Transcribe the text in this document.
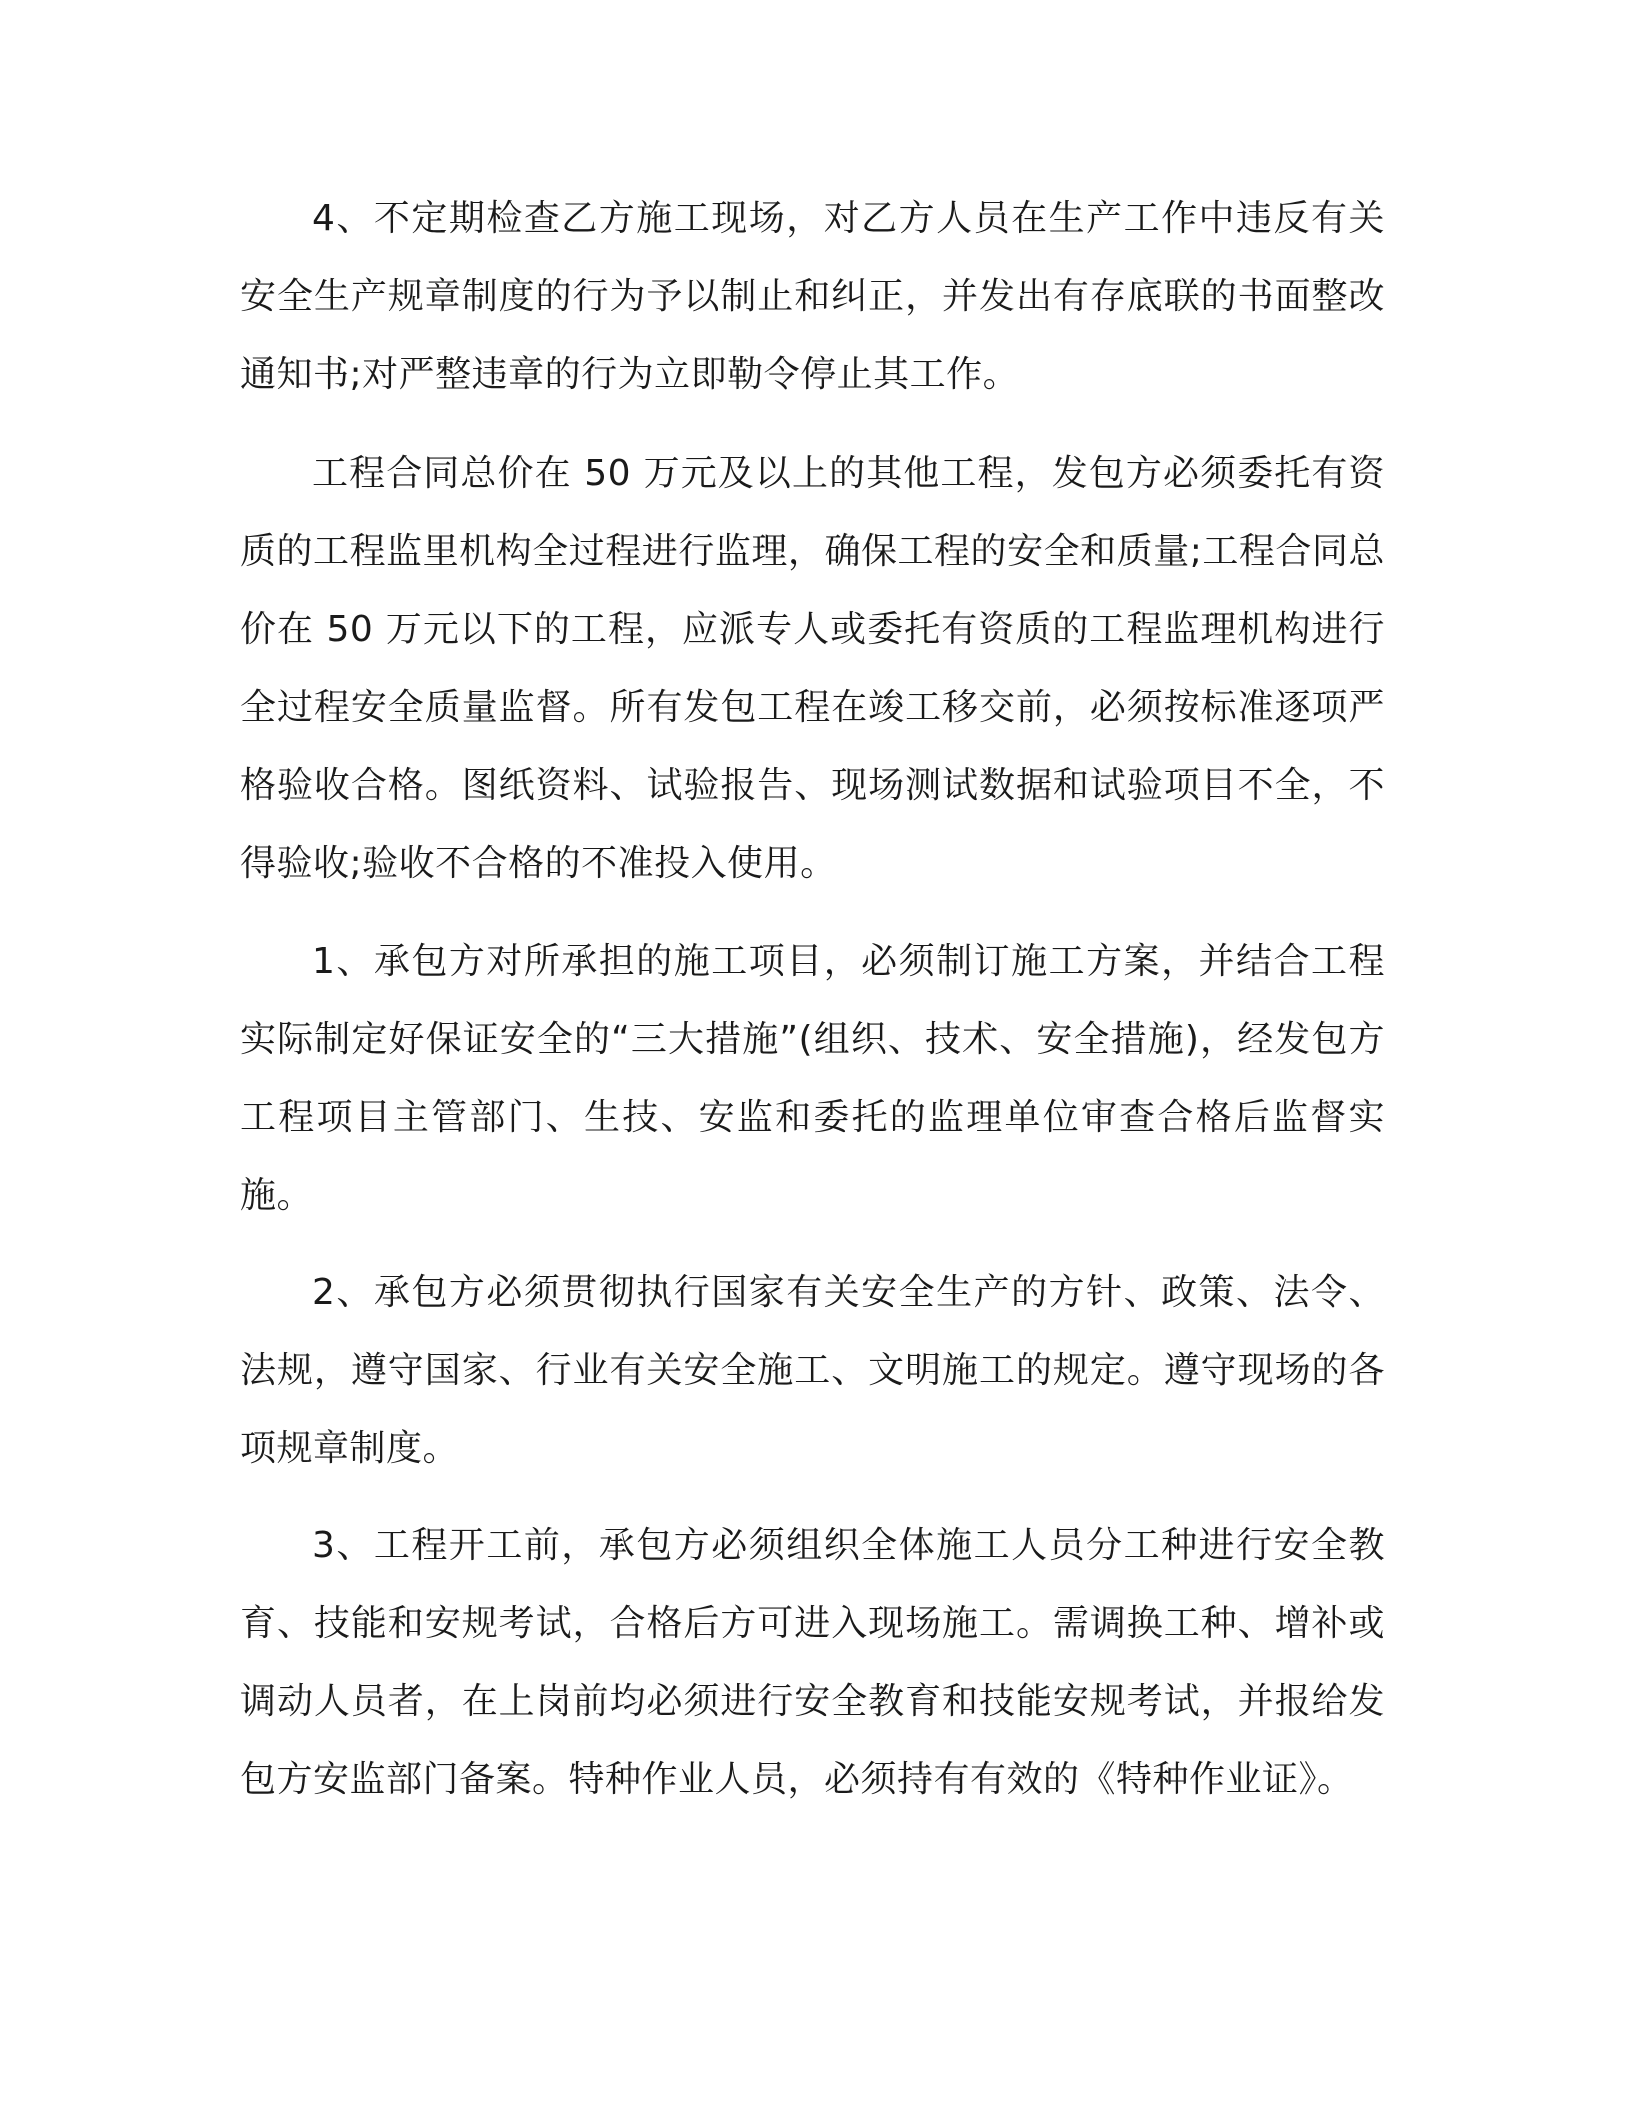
4、不定期检查乙方施工现场，对乙方人员在生产工作中违反有关安全生产规章制度的行为予以制止和纠正，并发出有存底联的书面整改通知书;对严整违章的行为立即勒令停止其工作。

工程合同总价在 50 万元及以上的其他工程，发包方必须委托有资质的工程监里机构全过程进行监理，确保工程的安全和质量;工程合同总价在 50 万元以下的工程，应派专人或委托有资质的工程监理机构进行全过程安全质量监督。所有发包工程在竣工移交前，必须按标准逐项严格验收合格。图纸资料、试验报告、现场测试数据和试验项目不全，不得验收;验收不合格的不准投入使用。

1、承包方对所承担的施工项目，必须制订施工方案，并结合工程实际制定好保证安全的“三大措施”(组织、技术、安全措施)，经发包方工程项目主管部门、生技、安监和委托的监理单位审查合格后监督实施。

2、承包方必须贯彻执行国家有关安全生产的方针、政策、法令、法规，遵守国家、行业有关安全施工、文明施工的规定。遵守现场的各项规章制度。

3、工程开工前，承包方必须组织全体施工人员分工种进行安全教育、技能和安规考试，合格后方可进入现场施工。需调换工种、增补或调动人员者，在上岗前均必须进行安全教育和技能安规考试，并报给发包方安监部门备案。特种作业人员，必须持有有效的《特种作业证》。
